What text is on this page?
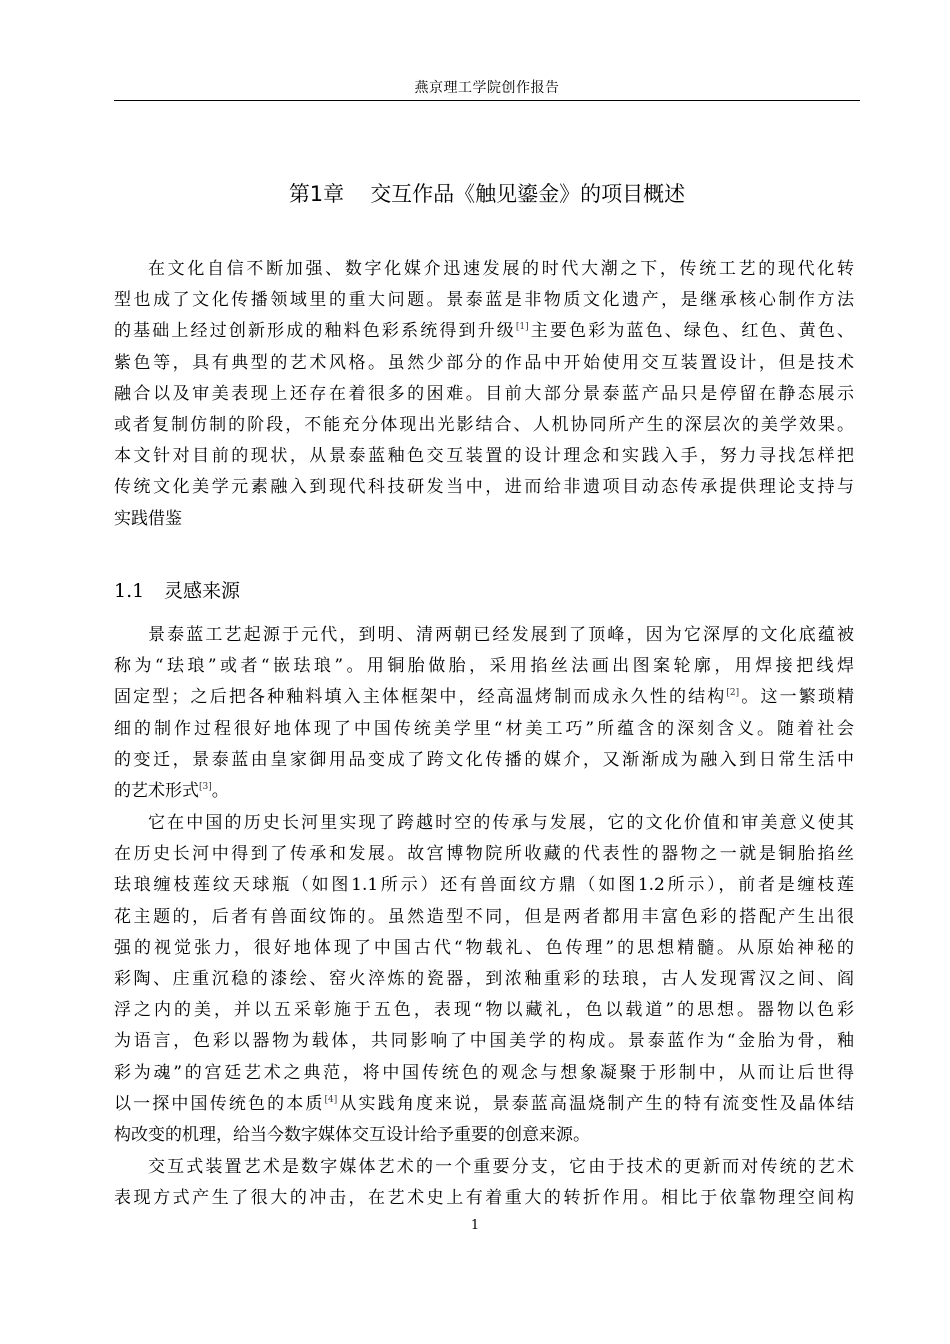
燕京理工学院创作报告
第1章 交互作品《触见鎏金》的项目概述
在文化自信不断加强、数字化媒介迅速发展的时代大潮之下，传统工艺的现代化转
型也成了文化传播领域里的重大问题。景泰蓝是非物质文化遗产，是继承核心制作方法
的基础上经过创新形成的釉料色彩系统得到升级[1]主要色彩为蓝色、绿色、红色、黄色、
紫色等，具有典型的艺术风格。虽然少部分的作品中开始使用交互装置设计，但是技术
融合以及审美表现上还存在着很多的困难。目前大部分景泰蓝产品只是停留在静态展示
或者复制仿制的阶段，不能充分体现出光影结合、人机协同所产生的深层次的美学效果。
本文针对目前的现状，从景泰蓝釉色交互装置的设计理念和实践入手，努力寻找怎样把
传统文化美学元素融入到现代科技研发当中，进而给非遗项目动态传承提供理论支持与
实践借鉴
1.1 灵感来源
景泰蓝工艺起源于元代，到明、清两朝已经发展到了顶峰，因为它深厚的文化底蕴被
称为“珐琅”或者“嵌珐琅”。用铜胎做胎，采用掐丝法画出图案轮廓，用焊接把线焊
固定型；之后把各种釉料填入主体框架中，经高温烤制而成永久性的结构[2]。这一繁琐精
细的制作过程很好地体现了中国传统美学里“材美工巧”所蕴含的深刻含义。随着社会
的变迁，景泰蓝由皇家御用品变成了跨文化传播的媒介，又渐渐成为融入到日常生活中
的艺术形式[3]。
它在中国的历史长河里实现了跨越时空的传承与发展，它的文化价值和审美意义使其
在历史长河中得到了传承和发展。故宫博物院所收藏的代表性的器物之一就是铜胎掐丝
珐琅缠枝莲纹天球瓶（如图1.1所示）还有兽面纹方鼎（如图1.2所示），前者是缠枝莲
花主题的，后者有兽面纹饰的。虽然造型不同，但是两者都用丰富色彩的搭配产生出很
强的视觉张力，很好地体现了中国古代“物载礼、色传理”的思想精髓。从原始神秘的
彩陶、庄重沉稳的漆绘、窑火淬炼的瓷器，到浓釉重彩的珐琅，古人发现霄汉之间、阎
浮之内的美，并以五采彰施于五色，表现“物以藏礼，色以载道”的思想。器物以色彩
为语言，色彩以器物为载体，共同影响了中国美学的构成。景泰蓝作为“金胎为骨，釉
彩为魂”的宫廷艺术之典范，将中国传统色的观念与想象凝聚于形制中，从而让后世得
以一探中国传统色的本质[4]从实践角度来说，景泰蓝高温烧制产生的特有流变性及晶体结
构改变的机理，给当今数字媒体交互设计给予重要的创意来源。
交互式装置艺术是数字媒体艺术的一个重要分支，它由于技术的更新而对传统的艺术
表现方式产生了很大的冲击，在艺术史上有着重大的转折作用。相比于依靠物理空间构
1
